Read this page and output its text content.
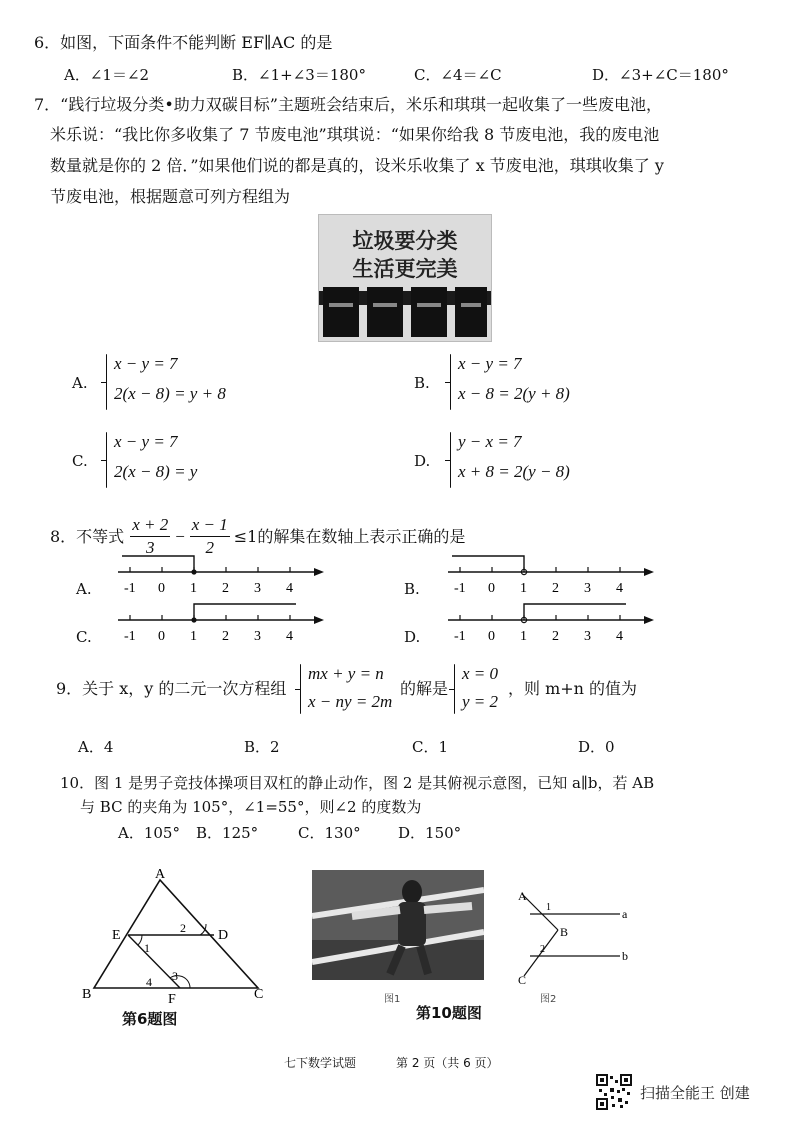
6．如图，下面条件不能判断 EF∥AC 的是
A．∠1＝∠2	B．∠1+∠3＝180°	C．∠4＝∠C	D．∠3+∠C＝180°
7．“践行垃圾分类•助力双碳目标”主题班会结束后，米乐和琪琪一起收集了一些废电池，
米乐说：“我比你多收集了 7 节废电池”琪琪说：“如果你给我 8 节废电池，我的废电池
数量就是你的 2 倍．”如果他们说的都是真的，设米乐收集了 x 节废电池，琪琪收集了 y
节废电池，根据题意可列方程组为
垃圾要分类
生活更完美
A.
x − y = 7
2(x − 8) = y + 8
B.
x − y = 7
x − 8 = 2(y + 8)
C.
x − y = 7
2(x − 8) = y
D.
y − x = 7
x + 8 = 2(y − 8)
8．不等式 $\frac{x + 2}{3} - \frac{x - 1}{2} \le 1$的解集在数轴上表示正确的是
A. -1 0 1 2 3 4	B. -1 0 1 2 3 4
C. -1 0 1 2 3 4	D. -1 0 1 2 3 4
9．关于 x，y 的二元一次方程组
mx + y = n
x − ny = 2m
的解是
x = 0
y = 2
，则 m+n 的值为
A．4	B．2	C．1	D．0
10．图 1 是男子竞技体操项目双杠的静止动作，图 2 是其俯视示意图，已知 a∥b，若 AB
与 BC 的夹角为 105°，∠1=55°，则∠2 的度数为
A．105° B．125°	C．130° D．150°
A
B	C
D
E
F
1
2
3
4
第6题图
图1
第10题图
A
B
C
a
b
1
2
图2
七下数学试题	第 2 页（共 6 页）
扫描全能王 创建
